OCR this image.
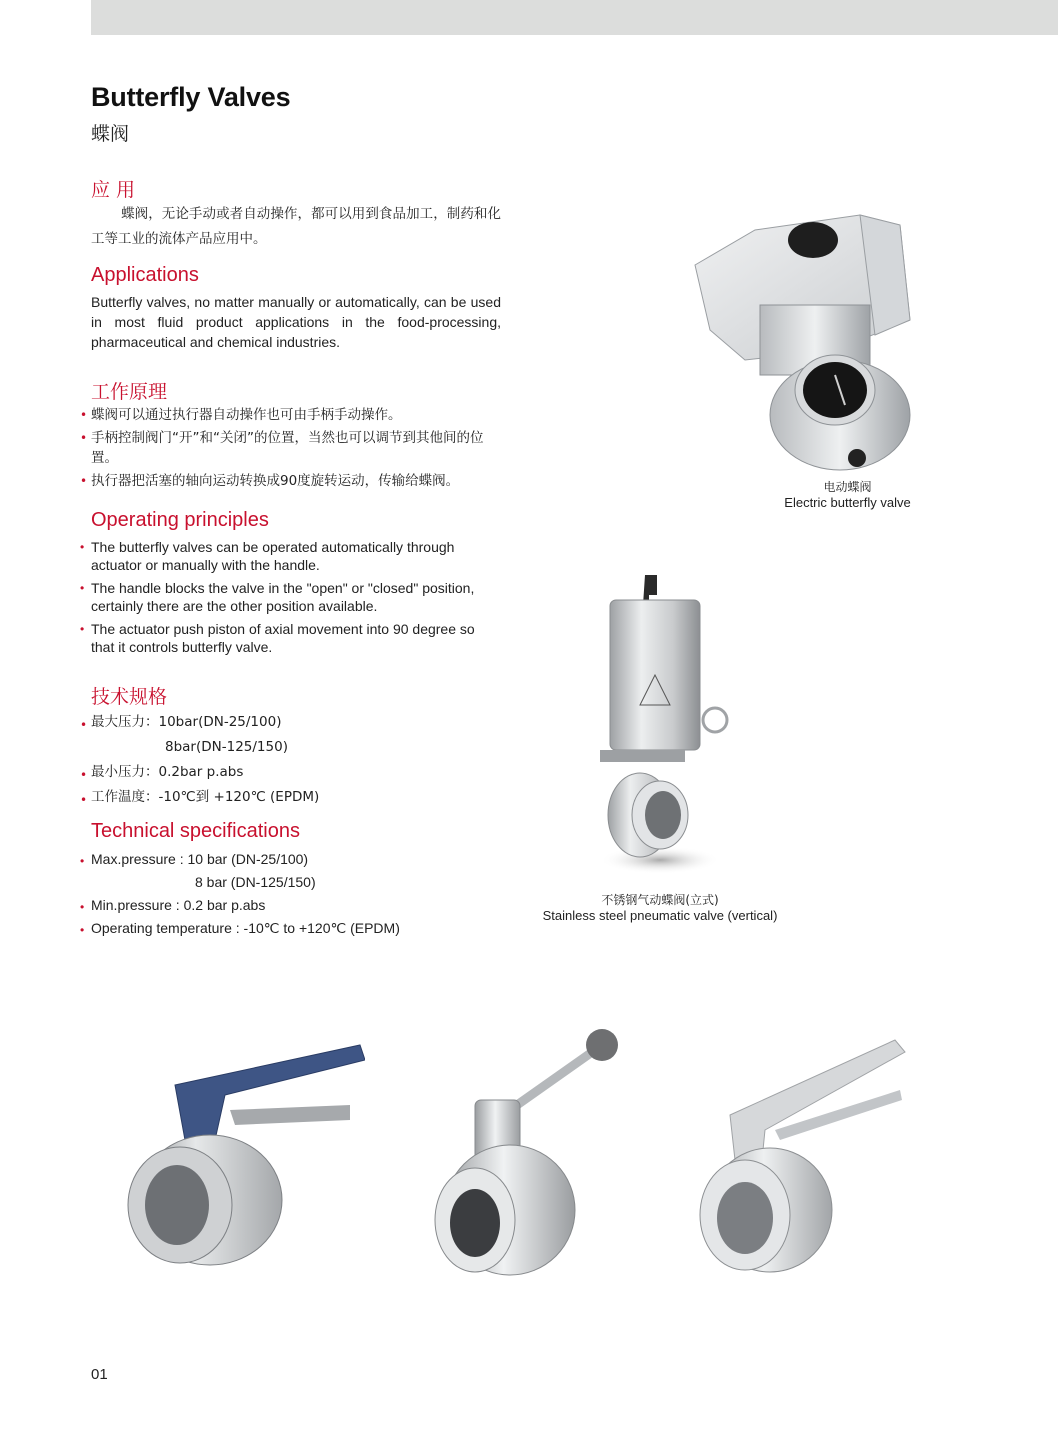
Butterfly Valves
蝶阀
应 用
蝶阀，无论手动或者自动操作，都可以用到食品加工，制药和化工等工业的流体产品应用中。
Applications
Butterfly valves, no matter manually or automatically, can be used in most fluid product applications in the food-processing, pharmaceutical and chemical industries.
工作原理
• 蝶阀可以通过执行器自动操作也可由手柄手动操作。
• 手柄控制阀门“开”和“关闭”的位置，当然也可以调节到其他间的位置。
• 执行器把活塞的轴向运动转换成90度旋转运动，传输给蝶阀。
Operating principles
• The butterfly valves can be operated automatically through actuator or manually with the handle.
• The handle blocks the valve in the "open" or "closed" position, certainly there are the other position available.
• The actuator push piston of axial movement into 90 degree so that it controls butterfly valve.
技术规格
• 最大压力：10bar(DN-25/100)
8bar(DN-125/150)
• 最小压力：0.2bar p.abs
• 工作温度：-10℃到 +120℃ (EPDM)
Technical specifications
• Max.pressure : 10 bar (DN-25/100)
8 bar (DN-125/150)
• Min.pressure : 0.2 bar p.abs
• Operating temperature : -10℃ to +120℃ (EPDM)
电动蝶阀
Electric butterfly valve
不锈钢气动蝶阀(立式)
Stainless steel pneumatic valve (vertical)
01
